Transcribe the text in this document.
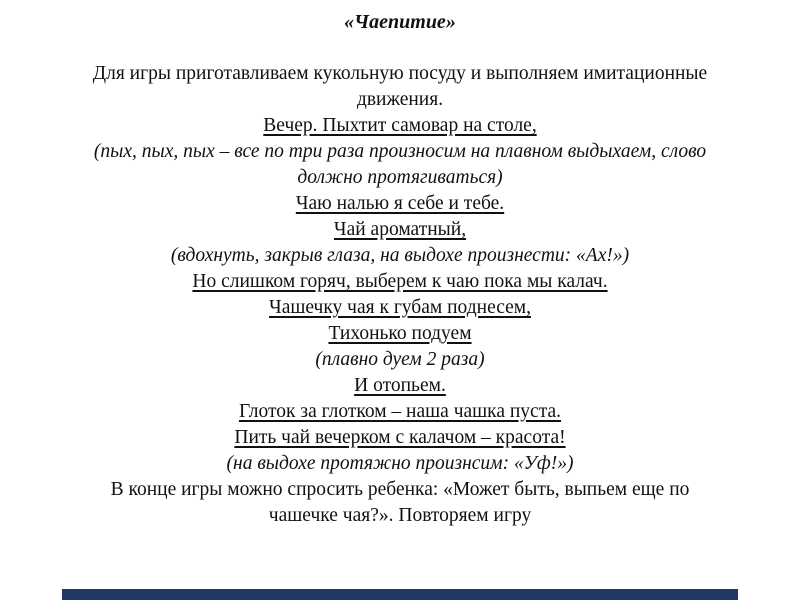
«Чаепитие»
Для игры приготавливаем кукольную посуду и выполняем имитационные
движения.
Вечер. Пыхтит самовар на столе,
(пых, пых, пых – все по три раза произносим на плавном выдыхаем, слово
должно протягиваться)
Чаю налью я себе и тебе.
Чай ароматный,
(вдохнуть, закрыв глаза, на выдохе произнести: «Ах!»)
Но слишком горяч, выберем к чаю пока мы калач.
Чашечку чая к губам поднесем,
Тихонько подуем
(плавно дуем 2 раза)
И отопьем.
Глоток за глотком – наша чашка пуста.
Пить чай вечерком с калачом – красота!
(на выдохе протяжно произнсим: «Уф!»)
В конце игры можно спросить ребенка: «Может быть, выпьем еще по
чашечке чая?». Повторяем игру
